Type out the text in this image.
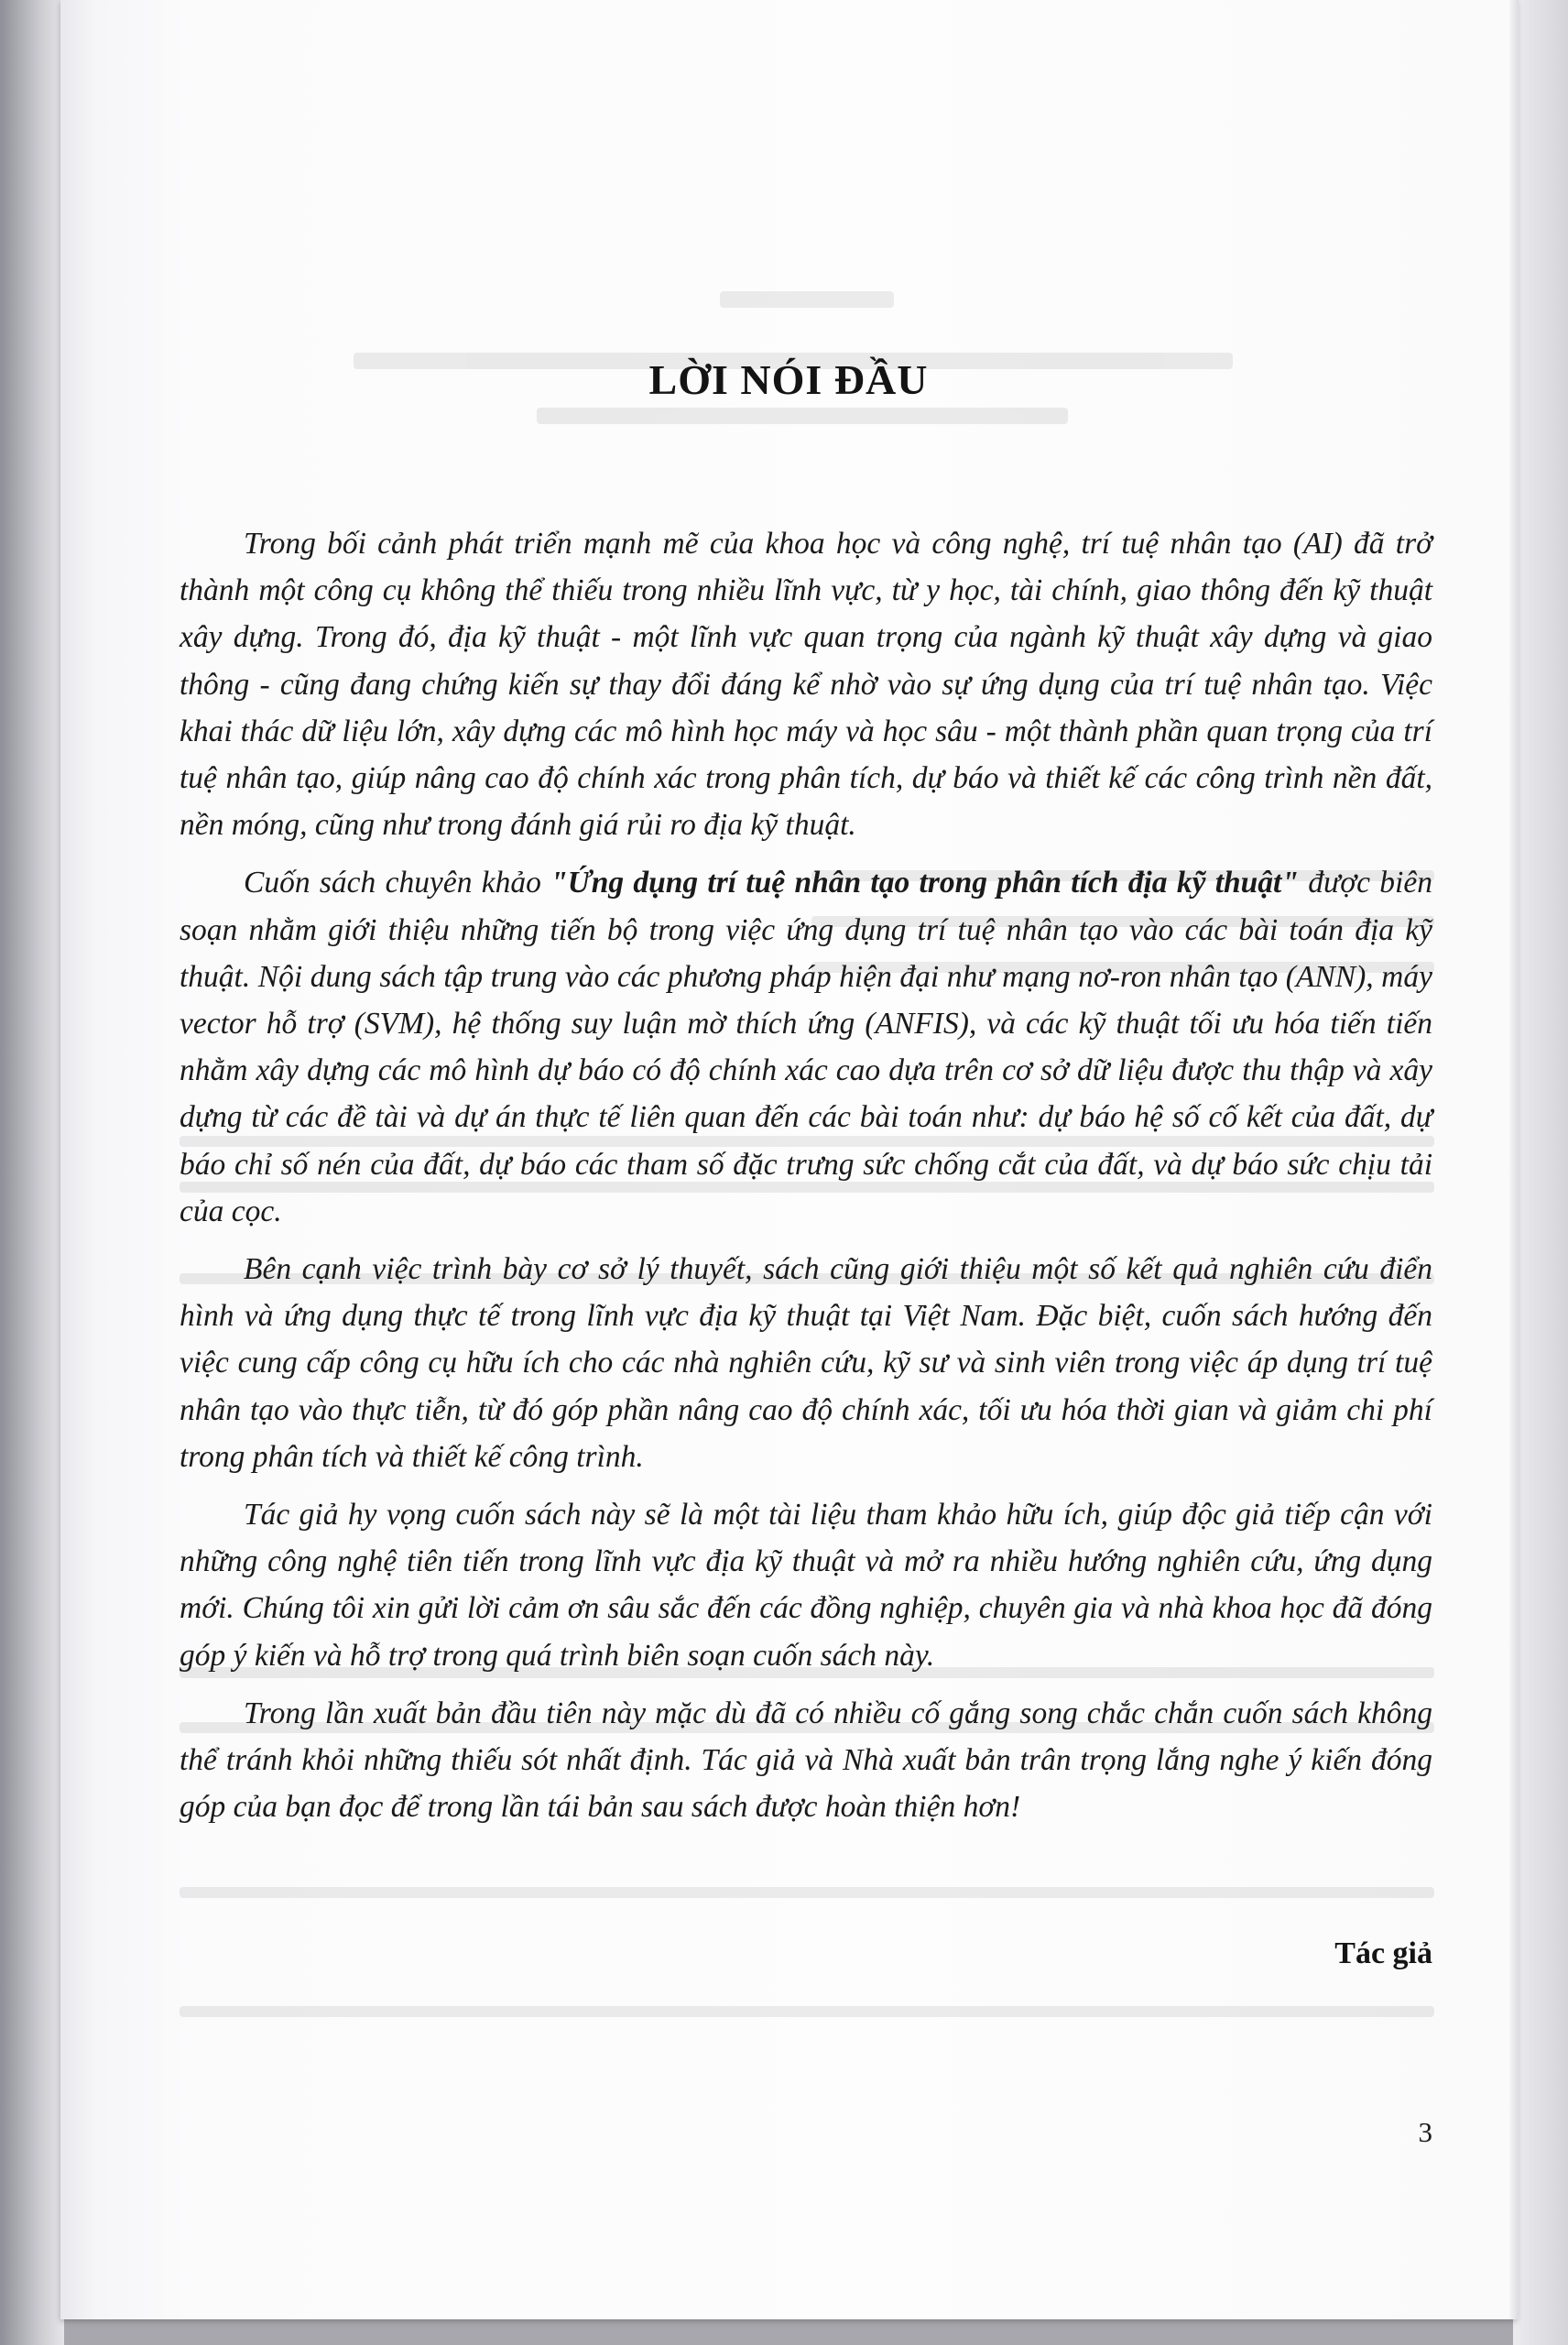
LỜI NÓI ĐẦU

Trong bối cảnh phát triển mạnh mẽ của khoa học và công nghệ, trí tuệ nhân tạo (AI) đã trở thành một công cụ không thể thiếu trong nhiều lĩnh vực, từ y học, tài chính, giao thông đến kỹ thuật xây dựng. Trong đó, địa kỹ thuật - một lĩnh vực quan trọng của ngành kỹ thuật xây dựng và giao thông - cũng đang chứng kiến sự thay đổi đáng kể nhờ vào sự ứng dụng của trí tuệ nhân tạo. Việc khai thác dữ liệu lớn, xây dựng các mô hình học máy và học sâu - một thành phần quan trọng của trí tuệ nhân tạo, giúp nâng cao độ chính xác trong phân tích, dự báo và thiết kế các công trình nền đất, nền móng, cũng như trong đánh giá rủi ro địa kỹ thuật.

Cuốn sách chuyên khảo "Ứng dụng trí tuệ nhân tạo trong phân tích địa kỹ thuật" được biên soạn nhằm giới thiệu những tiến bộ trong việc ứng dụng trí tuệ nhân tạo vào các bài toán địa kỹ thuật. Nội dung sách tập trung vào các phương pháp hiện đại như mạng nơ-ron nhân tạo (ANN), máy vector hỗ trợ (SVM), hệ thống suy luận mờ thích ứng (ANFIS), và các kỹ thuật tối ưu hóa tiến tiến nhằm xây dựng các mô hình dự báo có độ chính xác cao dựa trên cơ sở dữ liệu được thu thập và xây dựng từ các đề tài và dự án thực tế liên quan đến các bài toán như: dự báo hệ số cố kết của đất, dự báo chỉ số nén của đất, dự báo các tham số đặc trưng sức chống cắt của đất, và dự báo sức chịu tải của cọc.

Bên cạnh việc trình bày cơ sở lý thuyết, sách cũng giới thiệu một số kết quả nghiên cứu điển hình và ứng dụng thực tế trong lĩnh vực địa kỹ thuật tại Việt Nam. Đặc biệt, cuốn sách hướng đến việc cung cấp công cụ hữu ích cho các nhà nghiên cứu, kỹ sư và sinh viên trong việc áp dụng trí tuệ nhân tạo vào thực tiễn, từ đó góp phần nâng cao độ chính xác, tối ưu hóa thời gian và giảm chi phí trong phân tích và thiết kế công trình.

Tác giả hy vọng cuốn sách này sẽ là một tài liệu tham khảo hữu ích, giúp độc giả tiếp cận với những công nghệ tiên tiến trong lĩnh vực địa kỹ thuật và mở ra nhiều hướng nghiên cứu, ứng dụng mới. Chúng tôi xin gửi lời cảm ơn sâu sắc đến các đồng nghiệp, chuyên gia và nhà khoa học đã đóng góp ý kiến và hỗ trợ trong quá trình biên soạn cuốn sách này.

Trong lần xuất bản đầu tiên này mặc dù đã có nhiều cố gắng song chắc chắn cuốn sách không thể tránh khỏi những thiếu sót nhất định. Tác giả và Nhà xuất bản trân trọng lắng nghe ý kiến đóng góp của bạn đọc để trong lần tái bản sau sách được hoàn thiện hơn!

Tác giả
3
